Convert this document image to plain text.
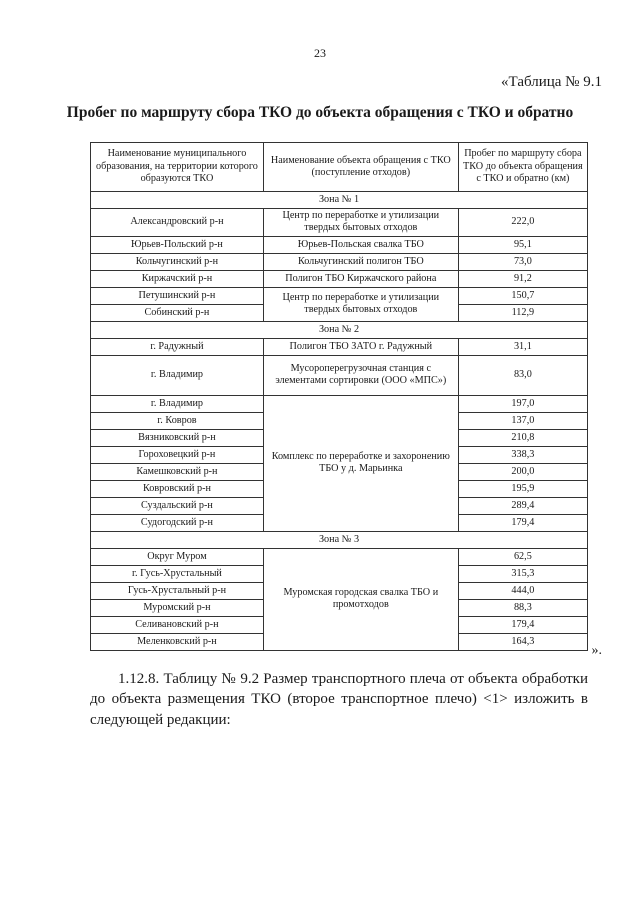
23
«Таблица № 9.1
Пробег по маршруту сбора ТКО до объекта обращения с ТКО и обратно
Наименование муниципального образования, на территории которого образуются ТКО	Наименование объекта обращения с ТКО (поступление отходов)	Пробег по маршруту сбора ТКО до объекта обращения с ТКО и обратно (км)
Зона № 1		
Александровский р-н	Центр по переработке и утилизации твердых бытовых отходов	222,0
Юрьев-Польский р-н	Юрьев-Польская свалка ТБО	95,1
Кольчугинский р-н	Кольчугинский полигон ТБО	73,0
Киржачский р-н	Полигон ТБО Киржачского района	91,2
Петушинский р-н	Центр по переработке и утилизации твердых бытовых отходов	150,7
Собинский р-н		112,9
Зона № 2		
г. Радужный	Полигон ТБО ЗАТО г. Радужный	31,1
г. Владимир	Мусороперегрузочная станция с элементами сортировки (ООО «МПС»)	83,0
г. Владимир	Комплекс по переработке и захоронению ТБО у д. Марьинка	197,0
г. Ковров		137,0
Вязниковский р-н		210,8
Гороховецкий р-н		338,3
Камешковский р-н		200,0
Ковровский р-н		195,9
Суздальский р-н		289,4
Судогодский р-н		179,4
Зона № 3		
Округ Муром	Муромская городская свалка ТБО и промотходов	62,5
г. Гусь-Хрустальный		315,3
Гусь-Хрустальный р-н		444,0
Муромский р-н		88,3
Селивановский р-н		179,4
Меленковский р-н		164,3
».
1.12.8. Таблицу № 9.2 Размер транспортного плеча от объекта обработки до объекта размещения ТКО (второе транспортное плечо) <1> изложить в следующей редакции:
